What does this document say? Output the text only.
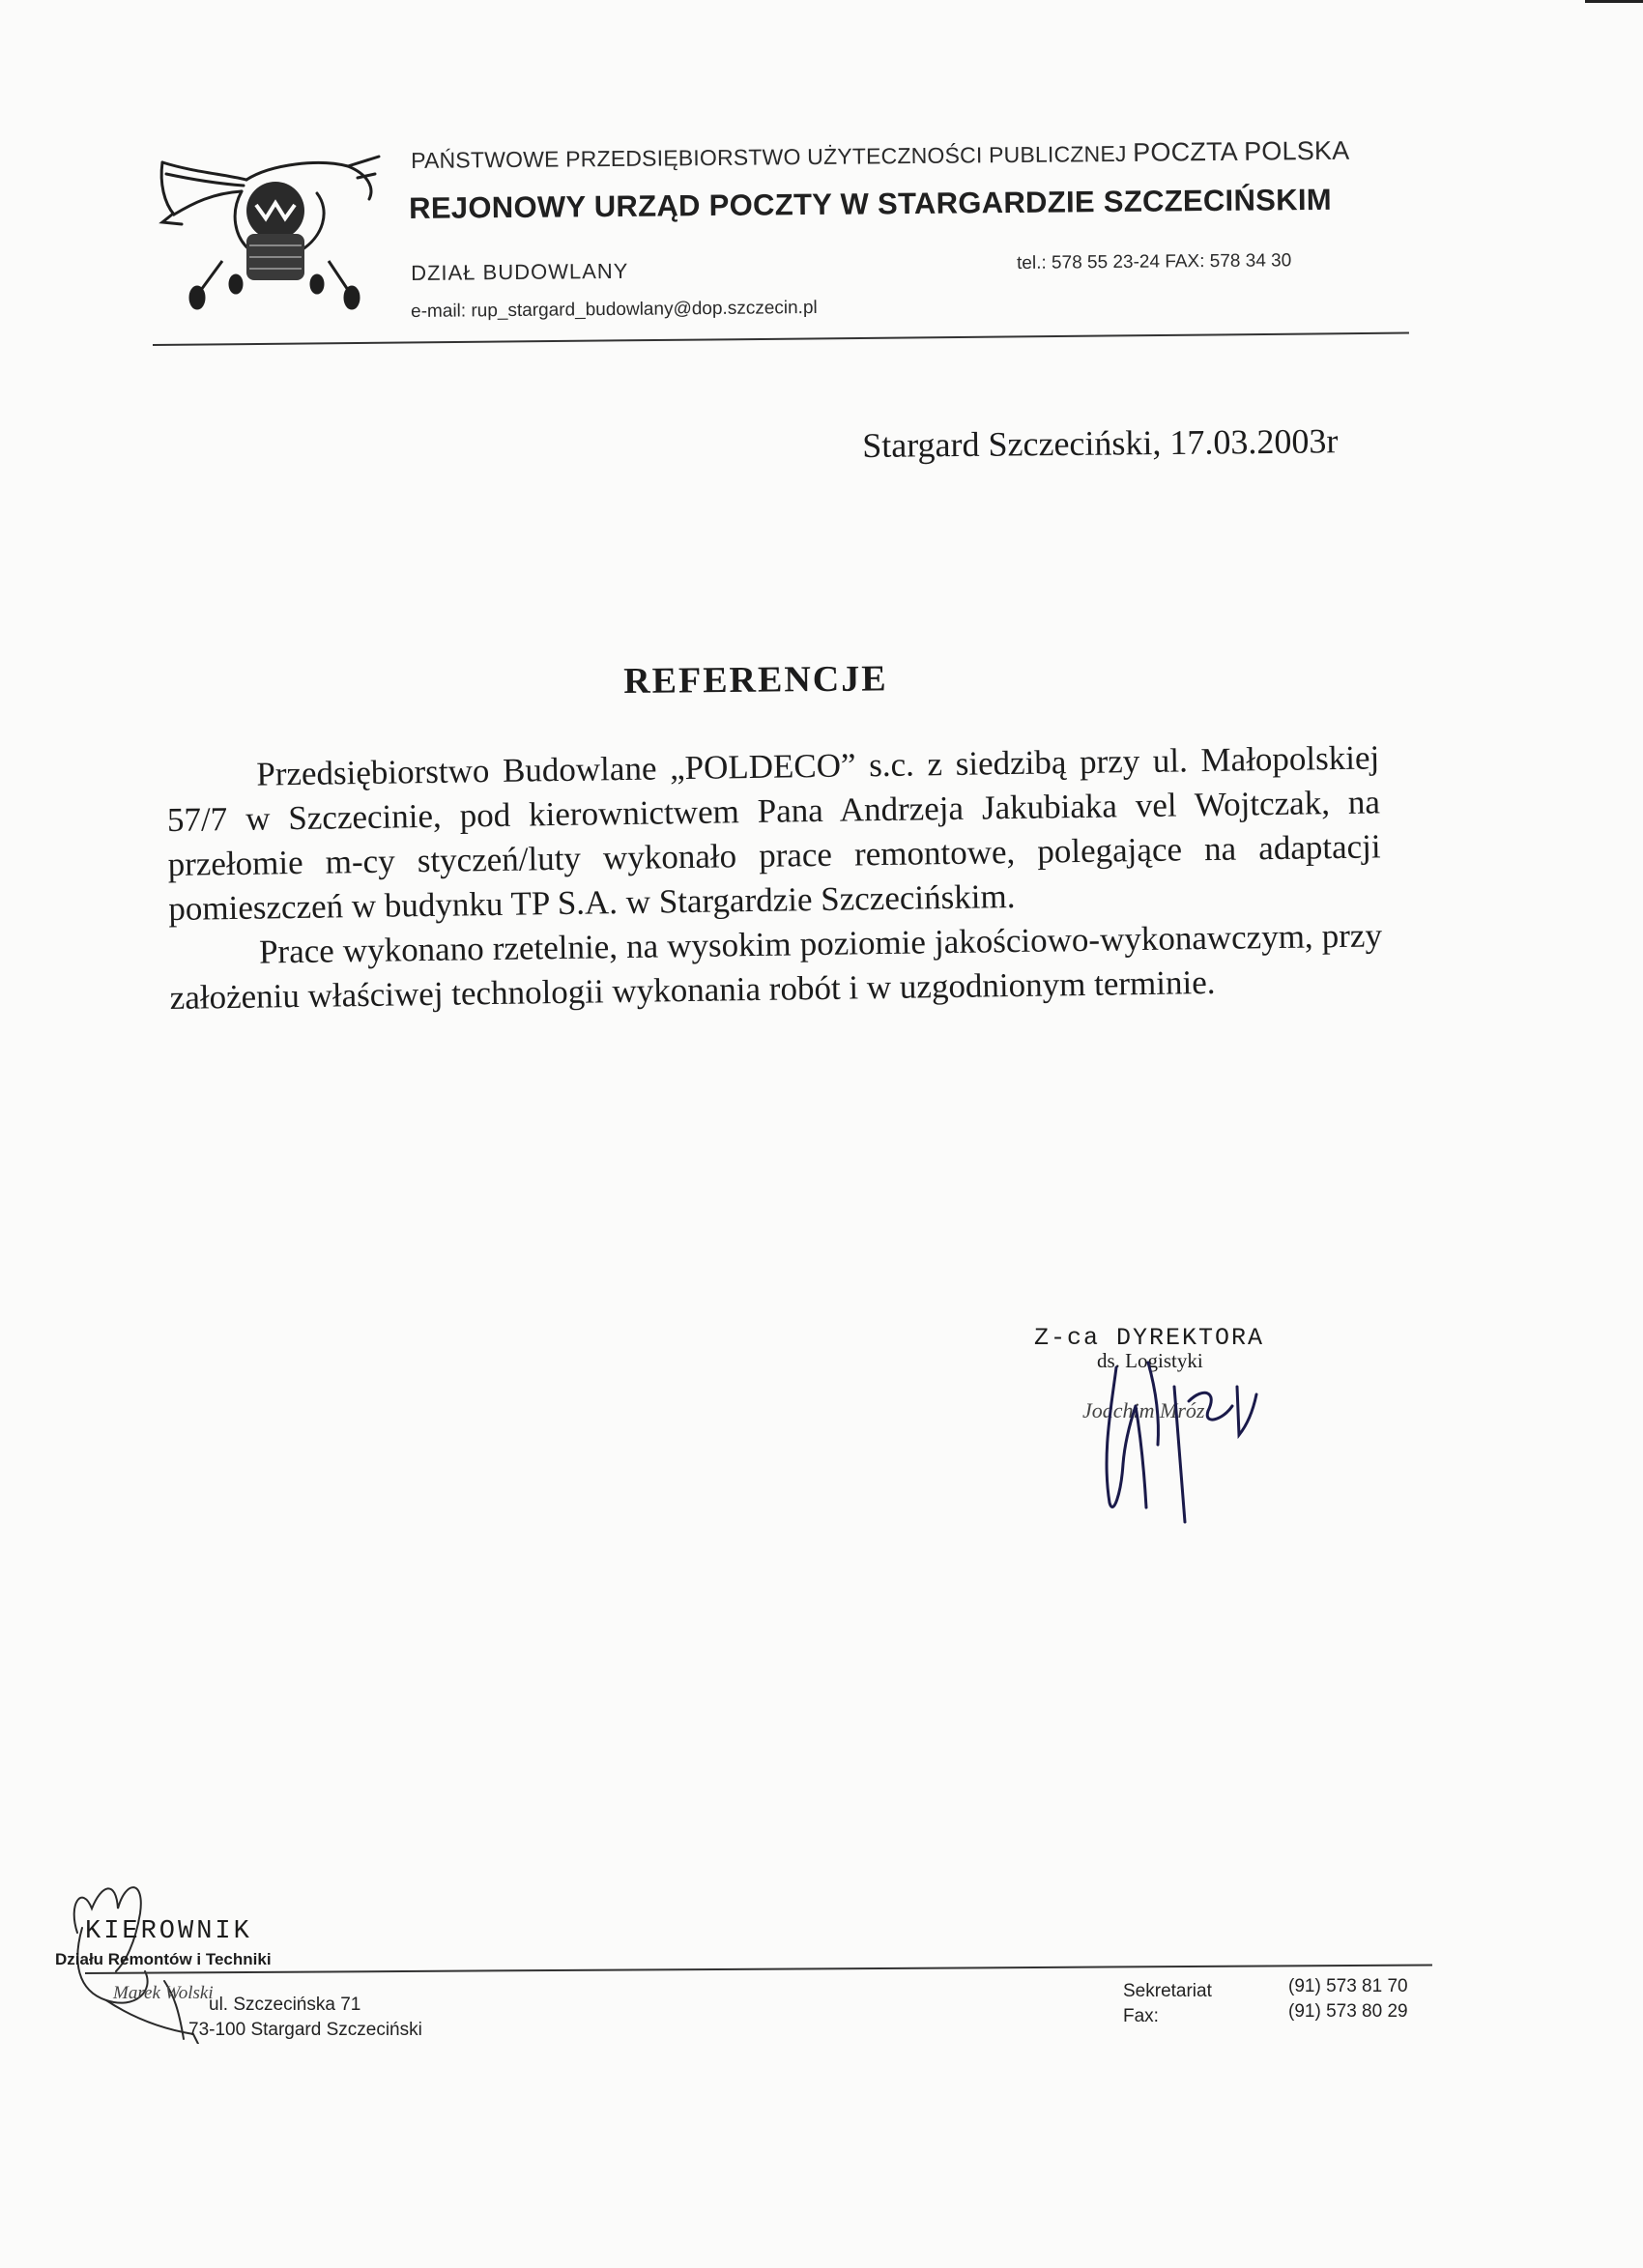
PAŃSTWOWE PRZEDSIĘBIORSTWO UŻYTECZNOŚCI PUBLICZNEJ POCZTA POLSKA
REJONOWY URZĄD POCZTY W STARGARDZIE SZCZECIŃSKIM
DZIAŁ BUDOWLANY	tel.: 578 55 23-24 FAX: 578 34 30
e-mail: rup_stargard_budowlany@dop.szczecin.pl
Stargard Szczeciński, 17.03.2003r
REFERENCJE

Przedsiębiorstwo Budowlane „POLDECO” s.c. z siedzibą przy ul. Małopolskiej 57/7 w Szczecinie, pod kierownictwem Pana Andrzeja Jakubiaka vel Wojtczak, na przełomie m-cy styczeń/luty wykonało prace remontowe, polegające na adaptacji pomieszczeń w budynku TP S.A. w Stargardzie Szczecińskim.

Prace wykonano rzetelnie, na wysokim poziomie jakościowo-wykonawczym, przy założeniu właściwej technologii wykonania robót i w uzgodnionym terminie.

Z-ca DYREKTORA
ds. Logistyki
Joachim Mróz
KIEROWNIK
Działu Remontów i Techniki
Marek Wolski
ul. Szczecińska 71
73-100 Stargard Szczeciński
Sekretariat
Fax:
(91) 573 81 70
(91) 573 80 29
